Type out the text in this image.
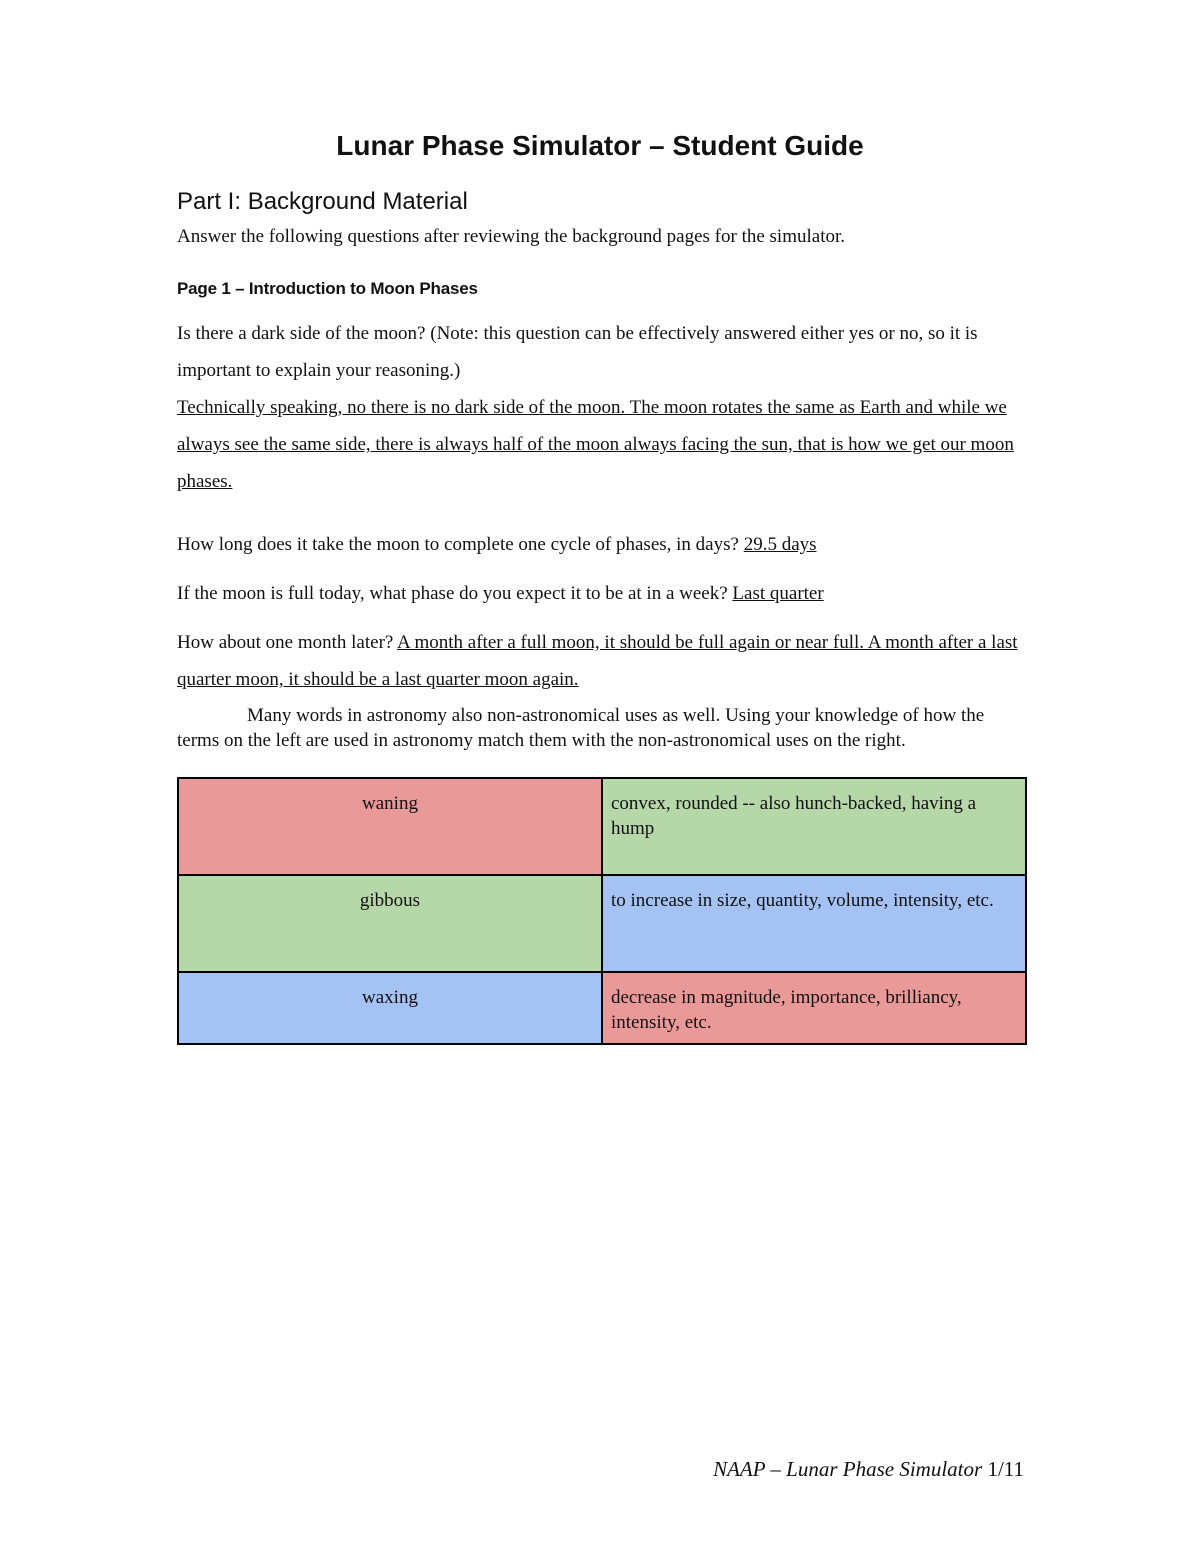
Lunar Phase Simulator – Student Guide
Part I: Background Material
Answer the following questions after reviewing the background pages for the simulator.
Page 1 – Introduction to Moon Phases
Is there a dark side of the moon? (Note: this question can be effectively answered either yes or no, so it is important to explain your reasoning.)
Technically speaking, no there is no dark side of the moon. The moon rotates the same as Earth and while we always see the same side, there is always half of the moon always facing the sun, that is how we get our moon phases.
How long does it take the moon to complete one cycle of phases, in days? 29.5 days
If the moon is full today, what phase do you expect it to be at in a week? Last quarter
How about one month later? A month after a full moon, it should be full again or near full. A month after a last quarter moon, it should be a last quarter moon again.
Many words in astronomy also non-astronomical uses as well. Using your knowledge of how the terms on the left are used in astronomy match them with the non-astronomical uses on the right.
waning	convex, rounded -- also hunch-backed, having a hump
gibbous	to increase in size, quantity, volume, intensity, etc.
waxing	decrease in magnitude, importance, brilliancy, intensity, etc.
NAAP – Lunar Phase Simulator 1/11
